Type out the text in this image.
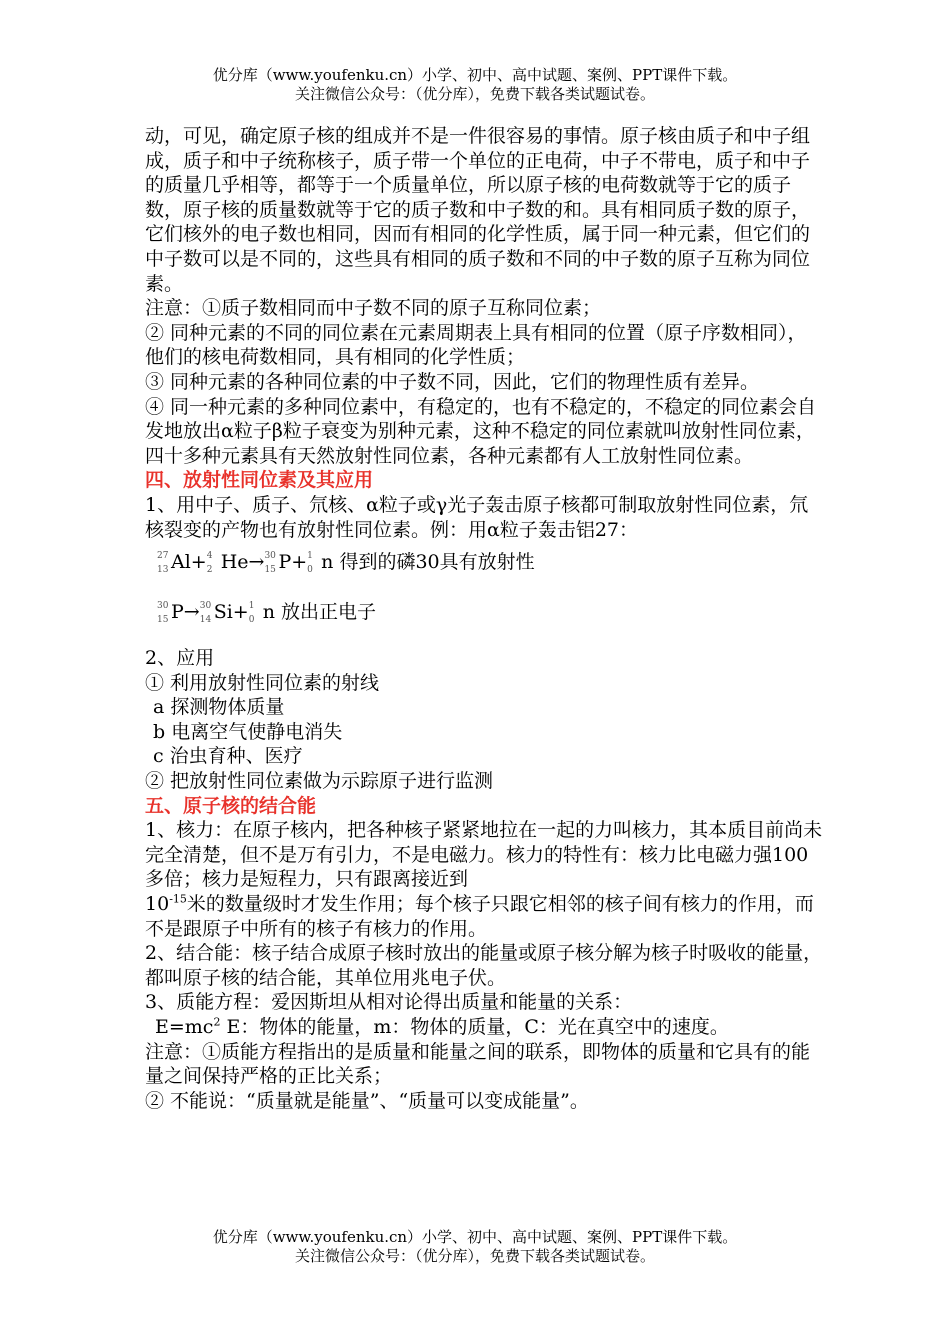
优分库（www.youfenku.cn）小学、初中、高中试题、案例、PPT课件下载。
关注微信公众号：（优分库），免费下载各类试题试卷。

动，可见，确定原子核的组成并不是一件很容易的事情。原子核由质子和中子组成，质子和中子统称核子，质子带一个单位的正电荷，中子不带电，质子和中子的质量几乎相等，都等于一个质量单位，所以原子核的电荷数就等于它的质子数，原子核的质量数就等于它的质子数和中子数的和。具有相同质子数的原子，它们核外的电子数也相同，因而有相同的化学性质，属于同一种元素，但它们的中子数可以是不同的，这些具有相同的质子数和不同的中子数的原子互称为同位素。

注意：①质子数相同而中子数不同的原子互称同位素；

② 同种元素的不同的同位素在元素周期表上具有相同的位置（原子序数相同），他们的核电荷数相同，具有相同的化学性质；

③ 同种元素的各种同位素的中子数不同，因此，它们的物理性质有差异。

④ 同一种元素的多种同位素中，有稳定的，也有不稳定的，不稳定的同位素会自发地放出α粒子β粒子衰变为别种元素，这种不稳定的同位素就叫放射性同位素，四十多种元素具有天然放射性同位素，各种元素都有人工放射性同位素。

四、放射性同位素及其应用

1、用中子、质子、氘核、α粒子或γ光子轰击原子核都可制取放射性同位素，氘核裂变的产物也有放射性同位素。例：用α粒子轰击铝27：

27
13 Al+ 4
2 He→ 30
15 P+ 1
0 n 得到的磷30具有放射性
30
15 P→ 30
14 Si+ 1
0 n 放出正电子

2、应用

① 利用放射性同位素的射线

a 探测物体质量

b 电离空气使静电消失

c 治虫育种、医疗

② 把放射性同位素做为示踪原子进行监测

五、原子核的结合能

1、核力：在原子核内，把各种核子紧紧地拉在一起的力叫核力，其本质目前尚未完全清楚，但不是万有引力，不是电磁力。核力的特性有：核力比电磁力强100多倍；核力是短程力，只有跟离接近到
$10^{-15}$米的数量级时才发生作用；每个核子只跟它相邻的核子间有核力的作用，而不是跟原子中所有的核子有核力的作用。

2、结合能：核子结合成原子核时放出的能量或原子核分解为核子时吸收的能量，都叫原子核的结合能，其单位用兆电子伏。

3、质能方程：爱因斯坦从相对论得出质量和能量的关系：

$E=mc^2$ E：物体的能量，m：物体的质量，C：光在真空中的速度。

注意：①质能方程指出的是质量和能量之间的联系，即物体的质量和它具有的能量之间保持严格的正比关系；

② 不能说：“质量就是能量”、“质量可以变成能量”。

优分库（www.youfenku.cn）小学、初中、高中试题、案例、PPT课件下载。
关注微信公众号：（优分库），免费下载各类试题试卷。
